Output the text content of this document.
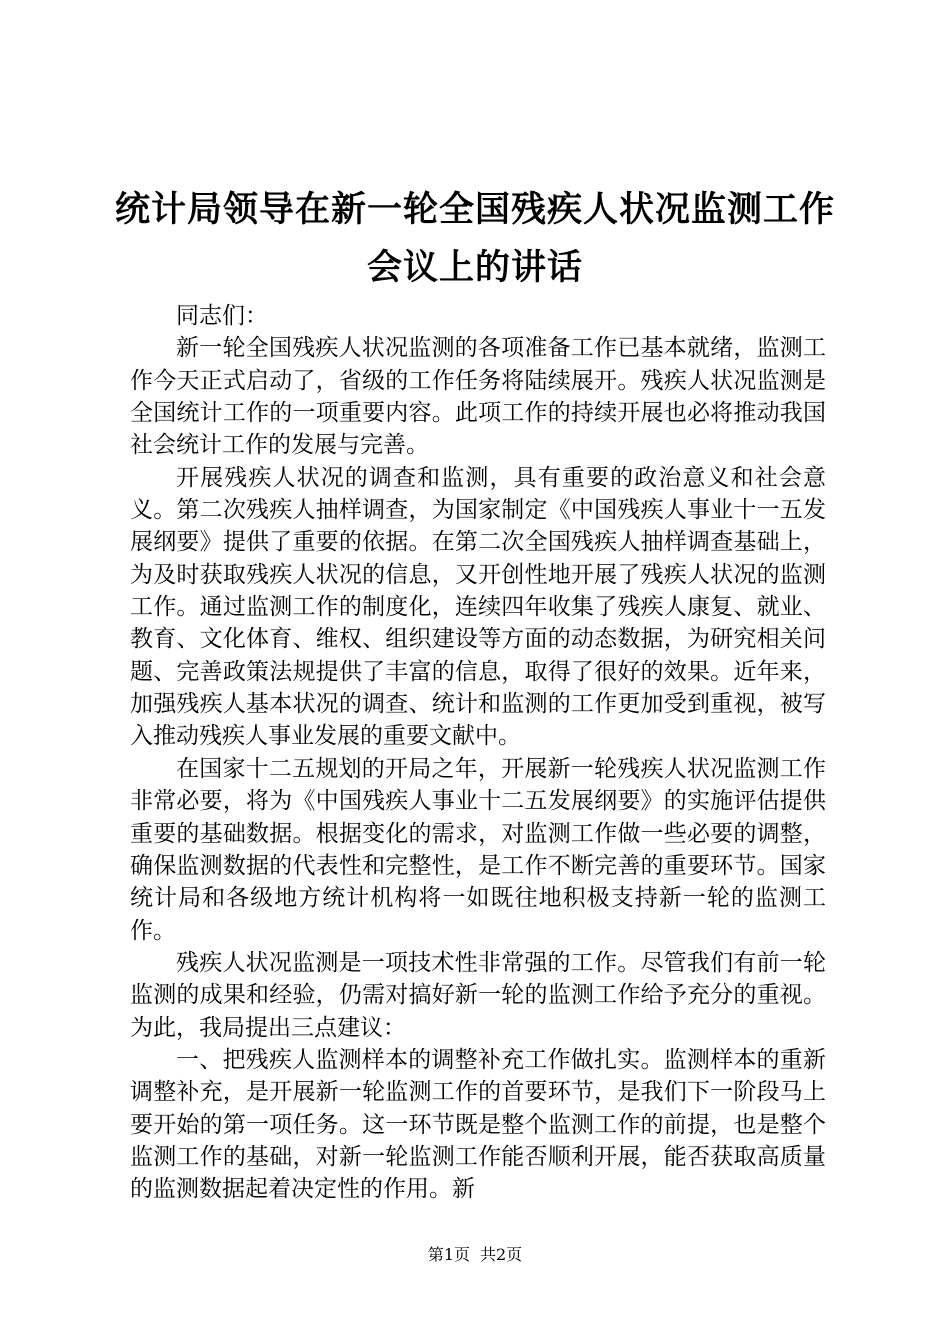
统计局领导在新一轮全国残疾人状况监测工作
会议上的讲话

同志们：

新一轮全国残疾人状况监测的各项准备工作已基本就绪，监测工作今天正式启动了，省级的工作任务将陆续展开。残疾人状况监测是全国统计工作的一项重要内容。此项工作的持续开展也必将推动我国社会统计工作的发展与完善。

开展残疾人状况的调查和监测，具有重要的政治意义和社会意义。第二次残疾人抽样调查，为国家制定《中国残疾人事业十一五发展纲要》提供了重要的依据。在第二次全国残疾人抽样调查基础上，为及时获取残疾人状况的信息，又开创性地开展了残疾人状况的监测工作。通过监测工作的制度化，连续四年收集了残疾人康复、就业、教育、文化体育、维权、组织建设等方面的动态数据，为研究相关问题、完善政策法规提供了丰富的信息，取得了很好的效果。近年来，加强残疾人基本状况的调查、统计和监测的工作更加受到重视，被写入推动残疾人事业发展的重要文献中。

在国家十二五规划的开局之年，开展新一轮残疾人状况监测工作非常必要，将为《中国残疾人事业十二五发展纲要》的实施评估提供重要的基础数据。根据变化的需求，对监测工作做一些必要的调整，确保监测数据的代表性和完整性，是工作不断完善的重要环节。国家统计局和各级地方统计机构将一如既往地积极支持新一轮的监测工作。

残疾人状况监测是一项技术性非常强的工作。尽管我们有前一轮监测的成果和经验，仍需对搞好新一轮的监测工作给予充分的重视。为此，我局提出三点建议：

一、把残疾人监测样本的调整补充工作做扎实。监测样本的重新调整补充，是开展新一轮监测工作的首要环节，是我们下一阶段马上要开始的第一项任务。这一环节既是整个监测工作的前提，也是整个监测工作的基础，对新一轮监测工作能否顺利开展，能否获取高质量的监测数据起着决定性的作用。新

第1页 共2页
